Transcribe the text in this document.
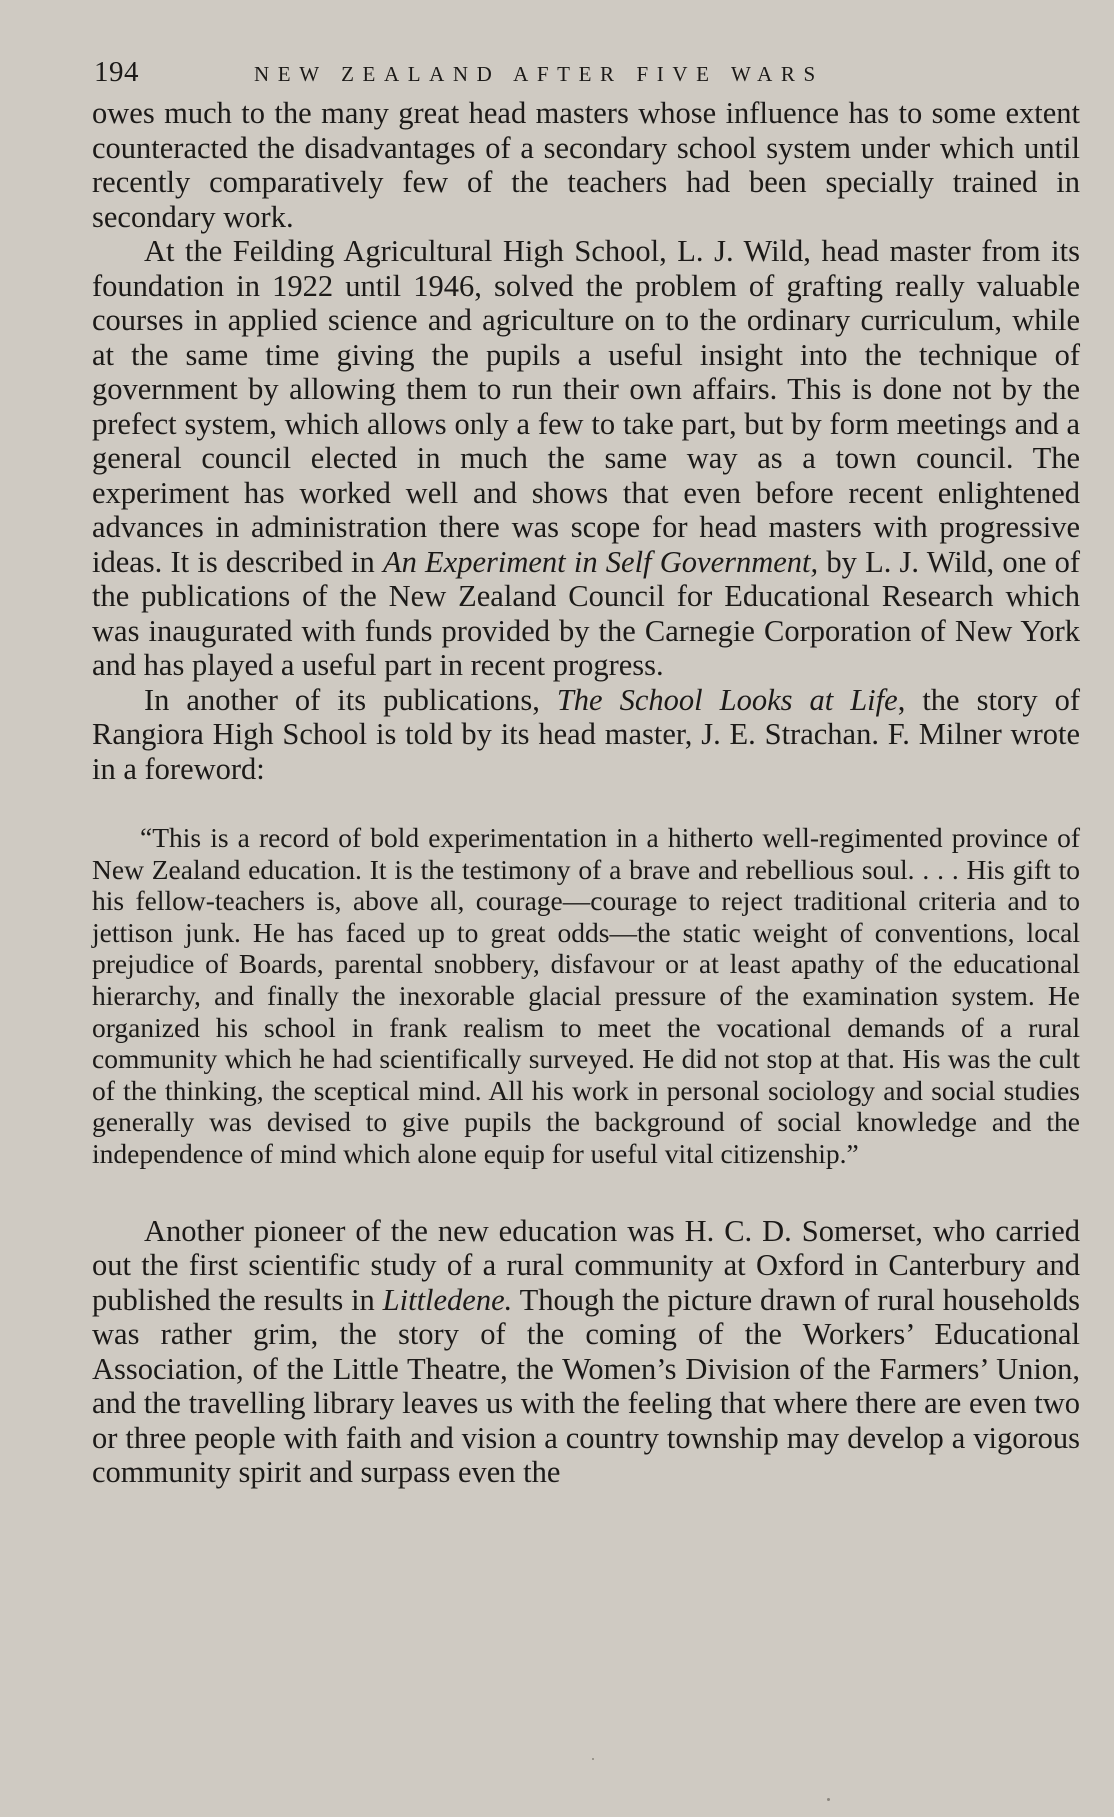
194	NEW ZEALAND AFTER FIVE WARS

owes much to the many great head masters whose influence has to some extent counteracted the disadvantages of a secondary school system under which until recently comparatively few of the teachers had been specially trained in secondary work.

At the Feilding Agricultural High School, L. J. Wild, head master from its foundation in 1922 until 1946, solved the problem of grafting really valuable courses in applied science and agriculture on to the ordinary curriculum, while at the same time giving the pupils a useful insight into the technique of government by allowing them to run their own affairs. This is done not by the prefect system, which allows only a few to take part, but by form meetings and a general council elected in much the same way as a town council. The experiment has worked well and shows that even before recent enlightened advances in administration there was scope for head masters with progressive ideas. It is described in An Experiment in Self Government, by L. J. Wild, one of the publications of the New Zealand Council for Educational Research which was inaugurated with funds provided by the Carnegie Corporation of New York and has played a useful part in recent progress.

In another of its publications, The School Looks at Life, the story of Rangiora High School is told by its head master, J. E. Strachan. F. Milner wrote in a foreword:

“This is a record of bold experimentation in a hitherto well-regimented province of New Zealand education. It is the testimony of a brave and rebellious soul. . . . His gift to his fellow-teachers is, above all, courage—courage to reject traditional criteria and to jettison junk. He has faced up to great odds—the static weight of conventions, local prejudice of Boards, parental snobbery, disfavour or at least apathy of the educational hierarchy, and finally the inexorable glacial pressure of the examination system. He organized his school in frank realism to meet the vocational demands of a rural community which he had scientifically surveyed. He did not stop at that. His was the cult of the thinking, the sceptical mind. All his work in personal sociology and social studies generally was devised to give pupils the background of social knowledge and the independence of mind which alone equip for useful vital citizenship.”

Another pioneer of the new education was H. C. D. Somerset, who carried out the first scientific study of a rural community at Oxford in Canterbury and published the results in Littledene. Though the picture drawn of rural households was rather grim, the story of the coming of the Workers’ Educational Association, of the Little Theatre, the Women’s Division of the Farmers’ Union, and the travelling library leaves us with the feeling that where there are even two or three people with faith and vision a country township may develop a vigorous community spirit and surpass even the
